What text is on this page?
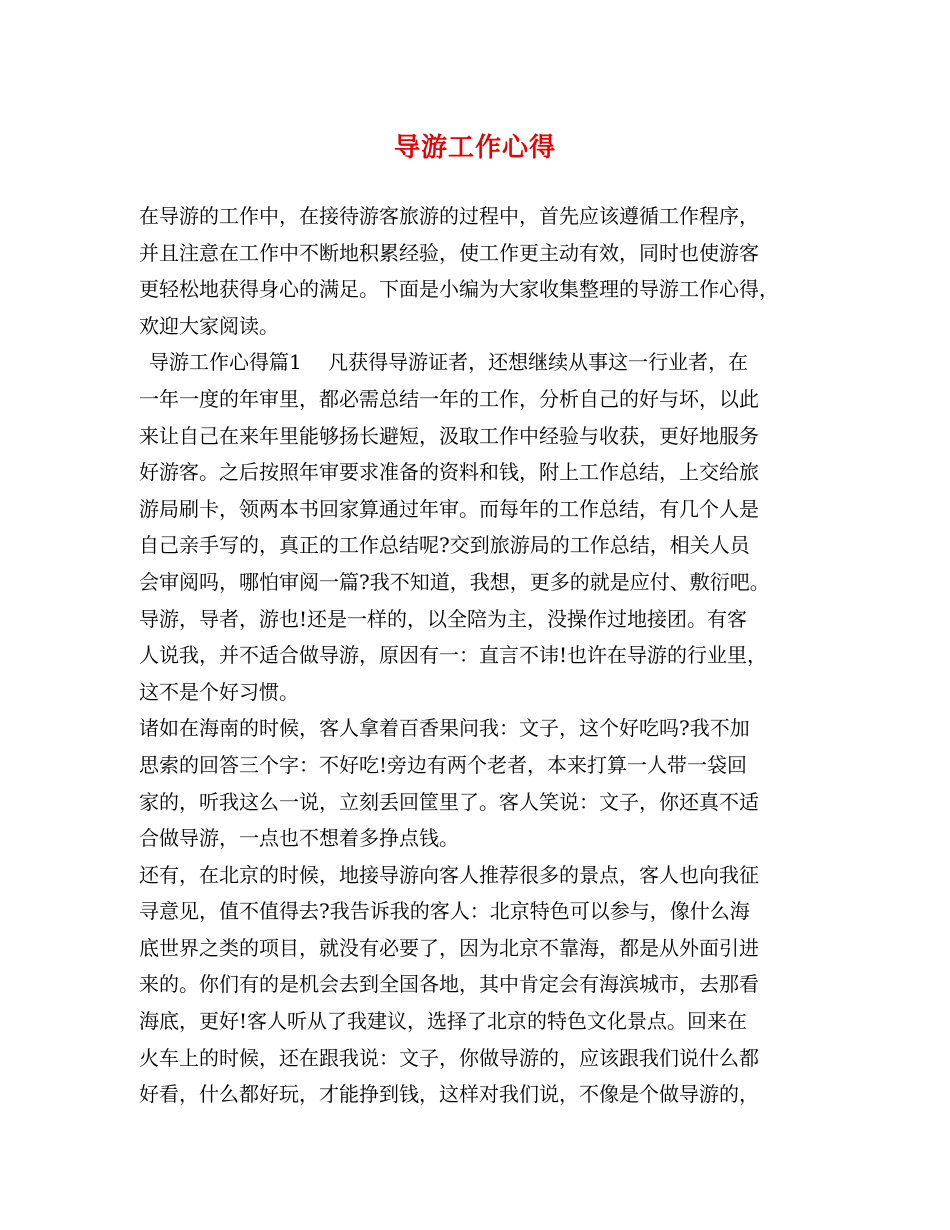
导游工作心得
在导游的工作中，在接待游客旅游的过程中，首先应该遵循工作程序，
并且注意在工作中不断地积累经验，使工作更主动有效，同时也使游客
更轻松地获得身心的满足。下面是小编为大家收集整理的导游工作心得，
欢迎大家阅读。
导游工作心得篇1　 凡获得导游证者，还想继续从事这一行业者，在
一年一度的年审里，都必需总结一年的工作，分析自己的好与坏，以此
来让自己在来年里能够扬长避短，汲取工作中经验与收获，更好地服务
好游客。之后按照年审要求准备的资料和钱，附上工作总结，上交给旅
游局刷卡，领两本书回家算通过年审。而每年的工作总结，有几个人是
自己亲手写的，真正的工作总结呢?交到旅游局的工作总结，相关人员
会审阅吗，哪怕审阅一篇?我不知道，我想，更多的就是应付、敷衍吧。
导游，导者，游也!还是一样的，以全陪为主，没操作过地接团。有客
人说我，并不适合做导游，原因有一：直言不讳!也许在导游的行业里，
这不是个好习惯。
诸如在海南的时候，客人拿着百香果问我：文子，这个好吃吗?我不加
思索的回答三个字：不好吃!旁边有两个老者，本来打算一人带一袋回
家的，听我这么一说，立刻丢回筐里了。客人笑说：文子，你还真不适
合做导游，一点也不想着多挣点钱。
还有，在北京的时候，地接导游向客人推荐很多的景点，客人也向我征
寻意见，值不值得去?我告诉我的客人：北京特色可以参与，像什么海
底世界之类的项目，就没有必要了，因为北京不靠海，都是从外面引进
来的。你们有的是机会去到全国各地，其中肯定会有海滨城市，去那看
海底，更好!客人听从了我建议，选择了北京的特色文化景点。回来在
火车上的时候，还在跟我说：文子，你做导游的，应该跟我们说什么都
好看，什么都好玩，才能挣到钱，这样对我们说，不像是个做导游的，
